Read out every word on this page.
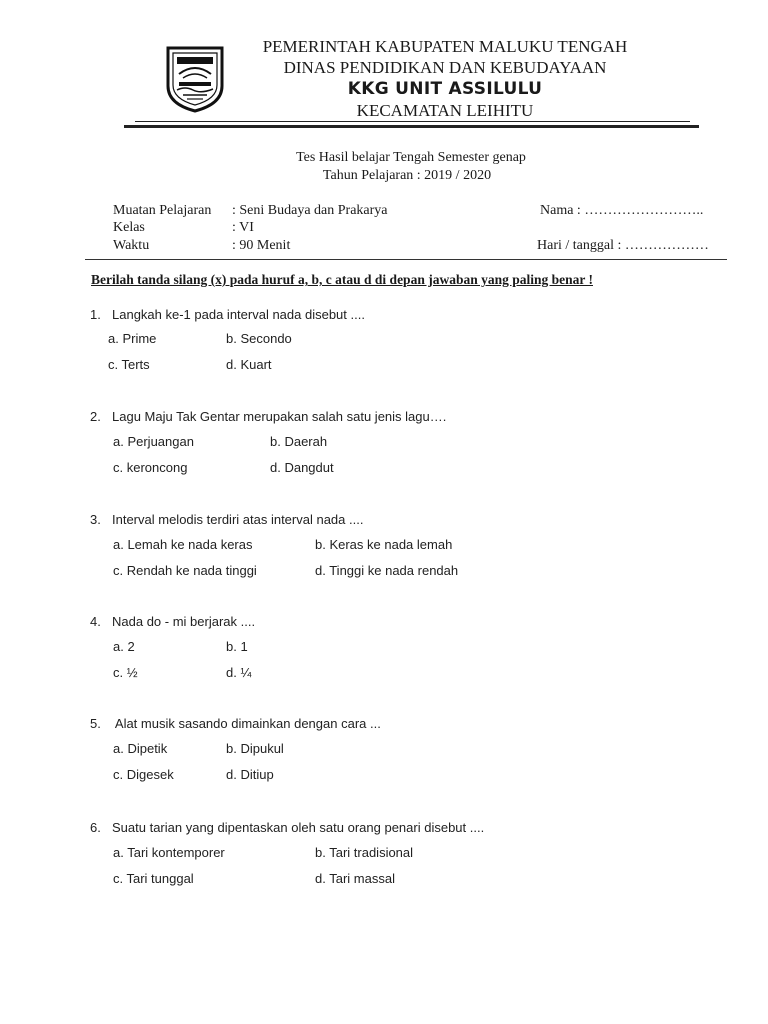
PEMERINTAH KABUPATEN MALUKU TENGAH
DINAS PENDIDIKAN DAN KEBUDAYAAN
KKG UNIT ASSILULU
KECAMATAN LEIHITU
Tes Hasil belajar Tengah Semester genap
Tahun Pelajaran : 2019 / 2020
Muatan Pelajaran : Seni Budaya dan Prakarya	Nama : ……………………..
Kelas	: VI
Waktu	: 90 Menit	Hari / tanggal : ………………
Berilah tanda silang (x) pada huruf a, b, c atau d di depan jawaban yang paling benar !
1. Langkah ke-1 pada interval nada disebut ....
a. Prime	b. Secondo
c. Terts	d. Kuart
2. Lagu Maju Tak Gentar merupakan salah satu jenis lagu….
a. Perjuangan	b. Daerah
c. keroncong	d. Dangdut
3. Interval melodis terdiri atas interval nada ....
a. Lemah ke nada keras	b. Keras ke nada lemah
c. Rendah ke nada tinggi	d. Tinggi ke nada rendah
4. Nada do - mi berjarak ....
a. 2	b. 1
c. ½	d. ¼
5. Alat musik sasando dimainkan dengan cara ...
a. Dipetik	b. Dipukul
c. Digesek	d. Ditiup
6. Suatu tarian yang dipentaskan oleh satu orang penari disebut ....
a. Tari kontemporer	b. Tari tradisional
c. Tari tunggal	d. Tari massal
